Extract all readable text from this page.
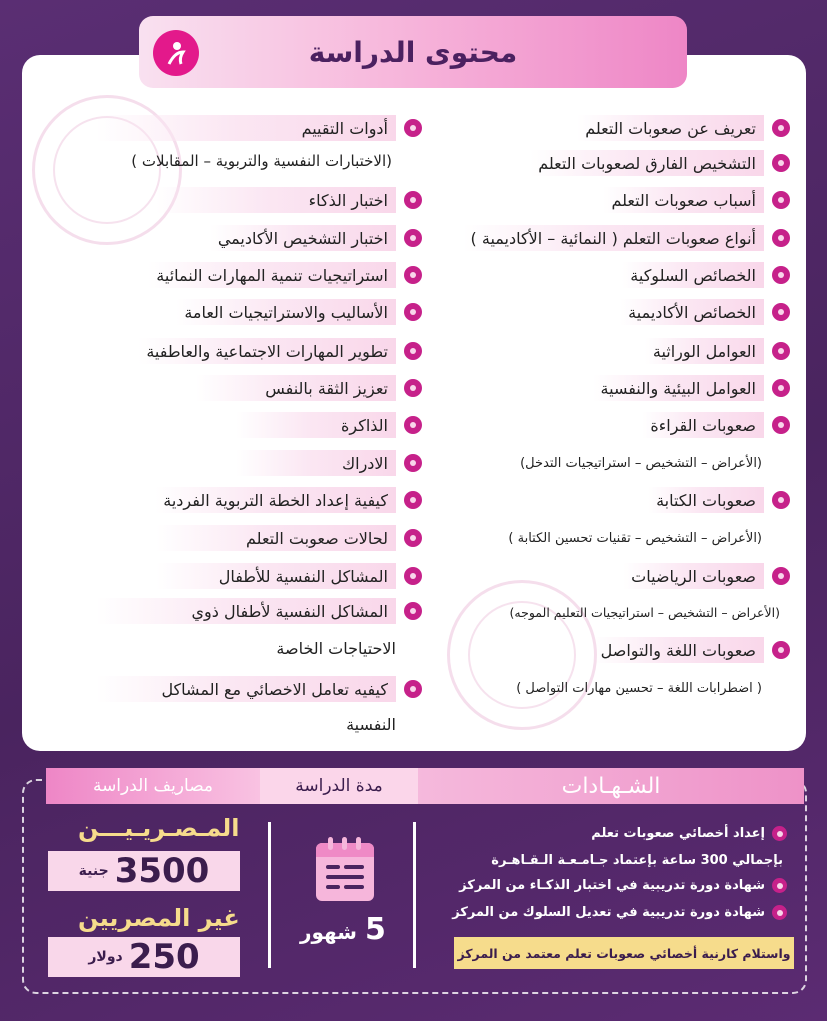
محتوى الدراسة
تعريف عن صعوبات التعلم
التشخيص الفارق لصعوبات التعلم
أسباب صعوبات التعلم
أنواع صعوبات التعلم ( النمائية – الأكاديمية )
الخصائص السلوكية
الخصائص الأكاديمية
العوامل الوراثية
العوامل البيئية والنفسية
صعوبات القراءة
(الأعراض – التشخيص – استراتيجيات التدخل)
صعوبات الكتابة
(الأعراض – التشخيص – تقنيات تحسين الكتابة )
صعوبات الرياضيات
(الأعراض – التشخيص – استراتيجيات التعليم الموجه)
صعوبات اللغة والتواصل
( اضطرابات اللغة – تحسين مهارات التواصل )
أدوات التقييم
(الاختبارات النفسية والتربوية – المقابلات )
اختبار الذكاء
اختبار التشخيص الأكاديمي
استراتيجيات تنمية المهارات النمائية
الأساليب والاستراتيجيات العامة
تطوير المهارات الاجتماعية والعاطفية
تعزيز الثقة بالنفس
الذاكرة
الادراك
كيفية إعداد الخطة التربوية الفردية
لحالات صعوبت التعلم
المشاكل النفسية للأطفال
المشاكل النفسية لأطفال ذوي
الاحتياجات الخاصة
كيفيه تعامل الاخصائي مع المشاكل
النفسية
الشـهـادات
مدة الدراسة
مصاريف الدراسة
إعداد أخصائي صعوبات تعلم
بإجمالي 300 ساعة بإعتماد جـامـعـة الـقـاهـرة
شهادة دورة تدريبية في اختبار الذكـاء من المركز
شهادة دورة تدريبية في تعديل السلوك من المركز
واستلام كارنية أخصائي صعوبات تعلم معتمد من المركز
5
شهور
المـصـريـيـــن
3500
جنية
غير المصريين
250
دولار
